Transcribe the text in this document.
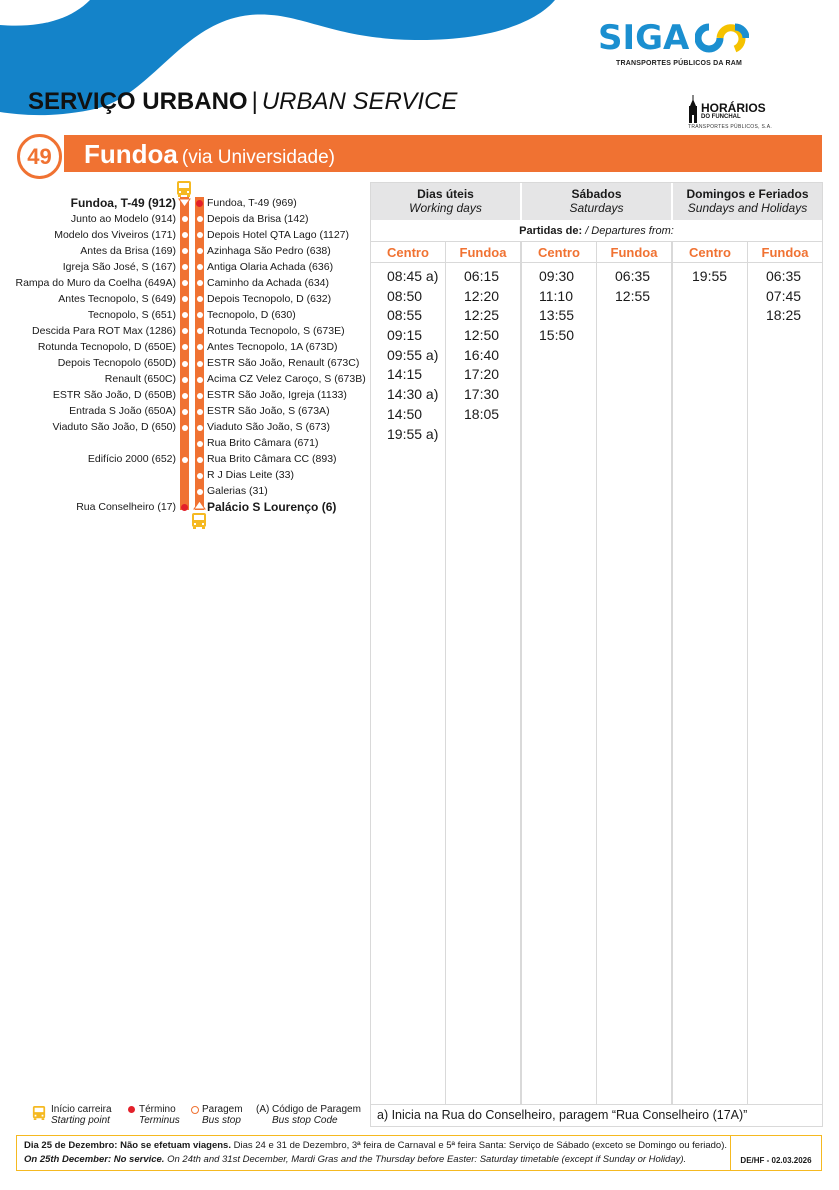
SIGA
TRANSPORTES PÚBLICOS DA RAM
HORÁRIOS
DO FUNCHAL
TRANSPORTES PÚBLICOS, S.A.
SERVIÇO URBANO | URBAN SERVICE
49	Fundoa (via Universidade)
Fundoa, T-49 (912)
Junto ao Modelo (914)
Modelo dos Viveiros (171)
Antes da Brisa (169)
Igreja São José, S (167)
Rampa do Muro da Coelha (649A)
Antes Tecnopolo, S (649)
Tecnopolo, S (651)
Descida Para ROT Max (1286)
Rotunda Tecnopolo, D (650E)
Depois Tecnopolo (650D)
Renault (650C)
ESTR São João, D (650B)
Entrada S João (650A)
Viaduto São João, D (650)
Edifício 2000 (652)
Rua Conselheiro (17)
Fundoa, T-49 (969)
Depois da Brisa (142)
Depois Hotel QTA Lago (1127)
Azinhaga São Pedro (638)
Antiga Olaria Achada (636)
Caminho da Achada (634)
Depois Tecnopolo, D (632)
Tecnopolo, D (630)
Rotunda Tecnopolo, S (673E)
Antes Tecnopolo, 1A (673D)
ESTR São João, Renault (673C)
Acima CZ Velez Caroço, S (673B)
ESTR São João, Igreja (1133)
ESTR São João, S (673A)
Viaduto São João, S (673)
Rua Brito Câmara (671)
Rua Brito Câmara CC (893)
R J Dias Leite (33)
Galerias (31)
Palácio S Lourenço (6)
Dias úteis
Working days
Sábados
Saturdays
Domingos e Feriados
Sundays and Holidays
Partidas de: / Departures from:
Centro
08:45 a)
08:50
08:55
09:15
09:55 a)
14:15
14:30 a)
14:50
19:55 a)
Fundoa
06:15
12:20
12:25
12:50
16:40
17:20
17:30
18:05
Centro
09:30
11:10
13:55
15:50
Fundoa
06:35
12:55
Centro
19:55
Fundoa
06:35
07:45
18:25
a) Inicia na Rua do Conselheiro, paragem “Rua Conselheiro (17A)”
Início carreira
Starting point
Término
Terminus
Paragem
Bus stop
(A) Código de Paragem
Bus stop Code
Dia 25 de Dezembro: Não se efetuam viagens. Dias 24 e 31 de Dezembro, 3ª feira de Carnaval e 5ª feira Santa: Serviço de Sábado (exceto se Domingo ou feriado).
On 25th December: No service. On 24th and 31st December, Mardi Gras and the Thursday before Easter: Saturday timetable (except if Sunday or Holiday).	DE/HF - 02.03.2026
